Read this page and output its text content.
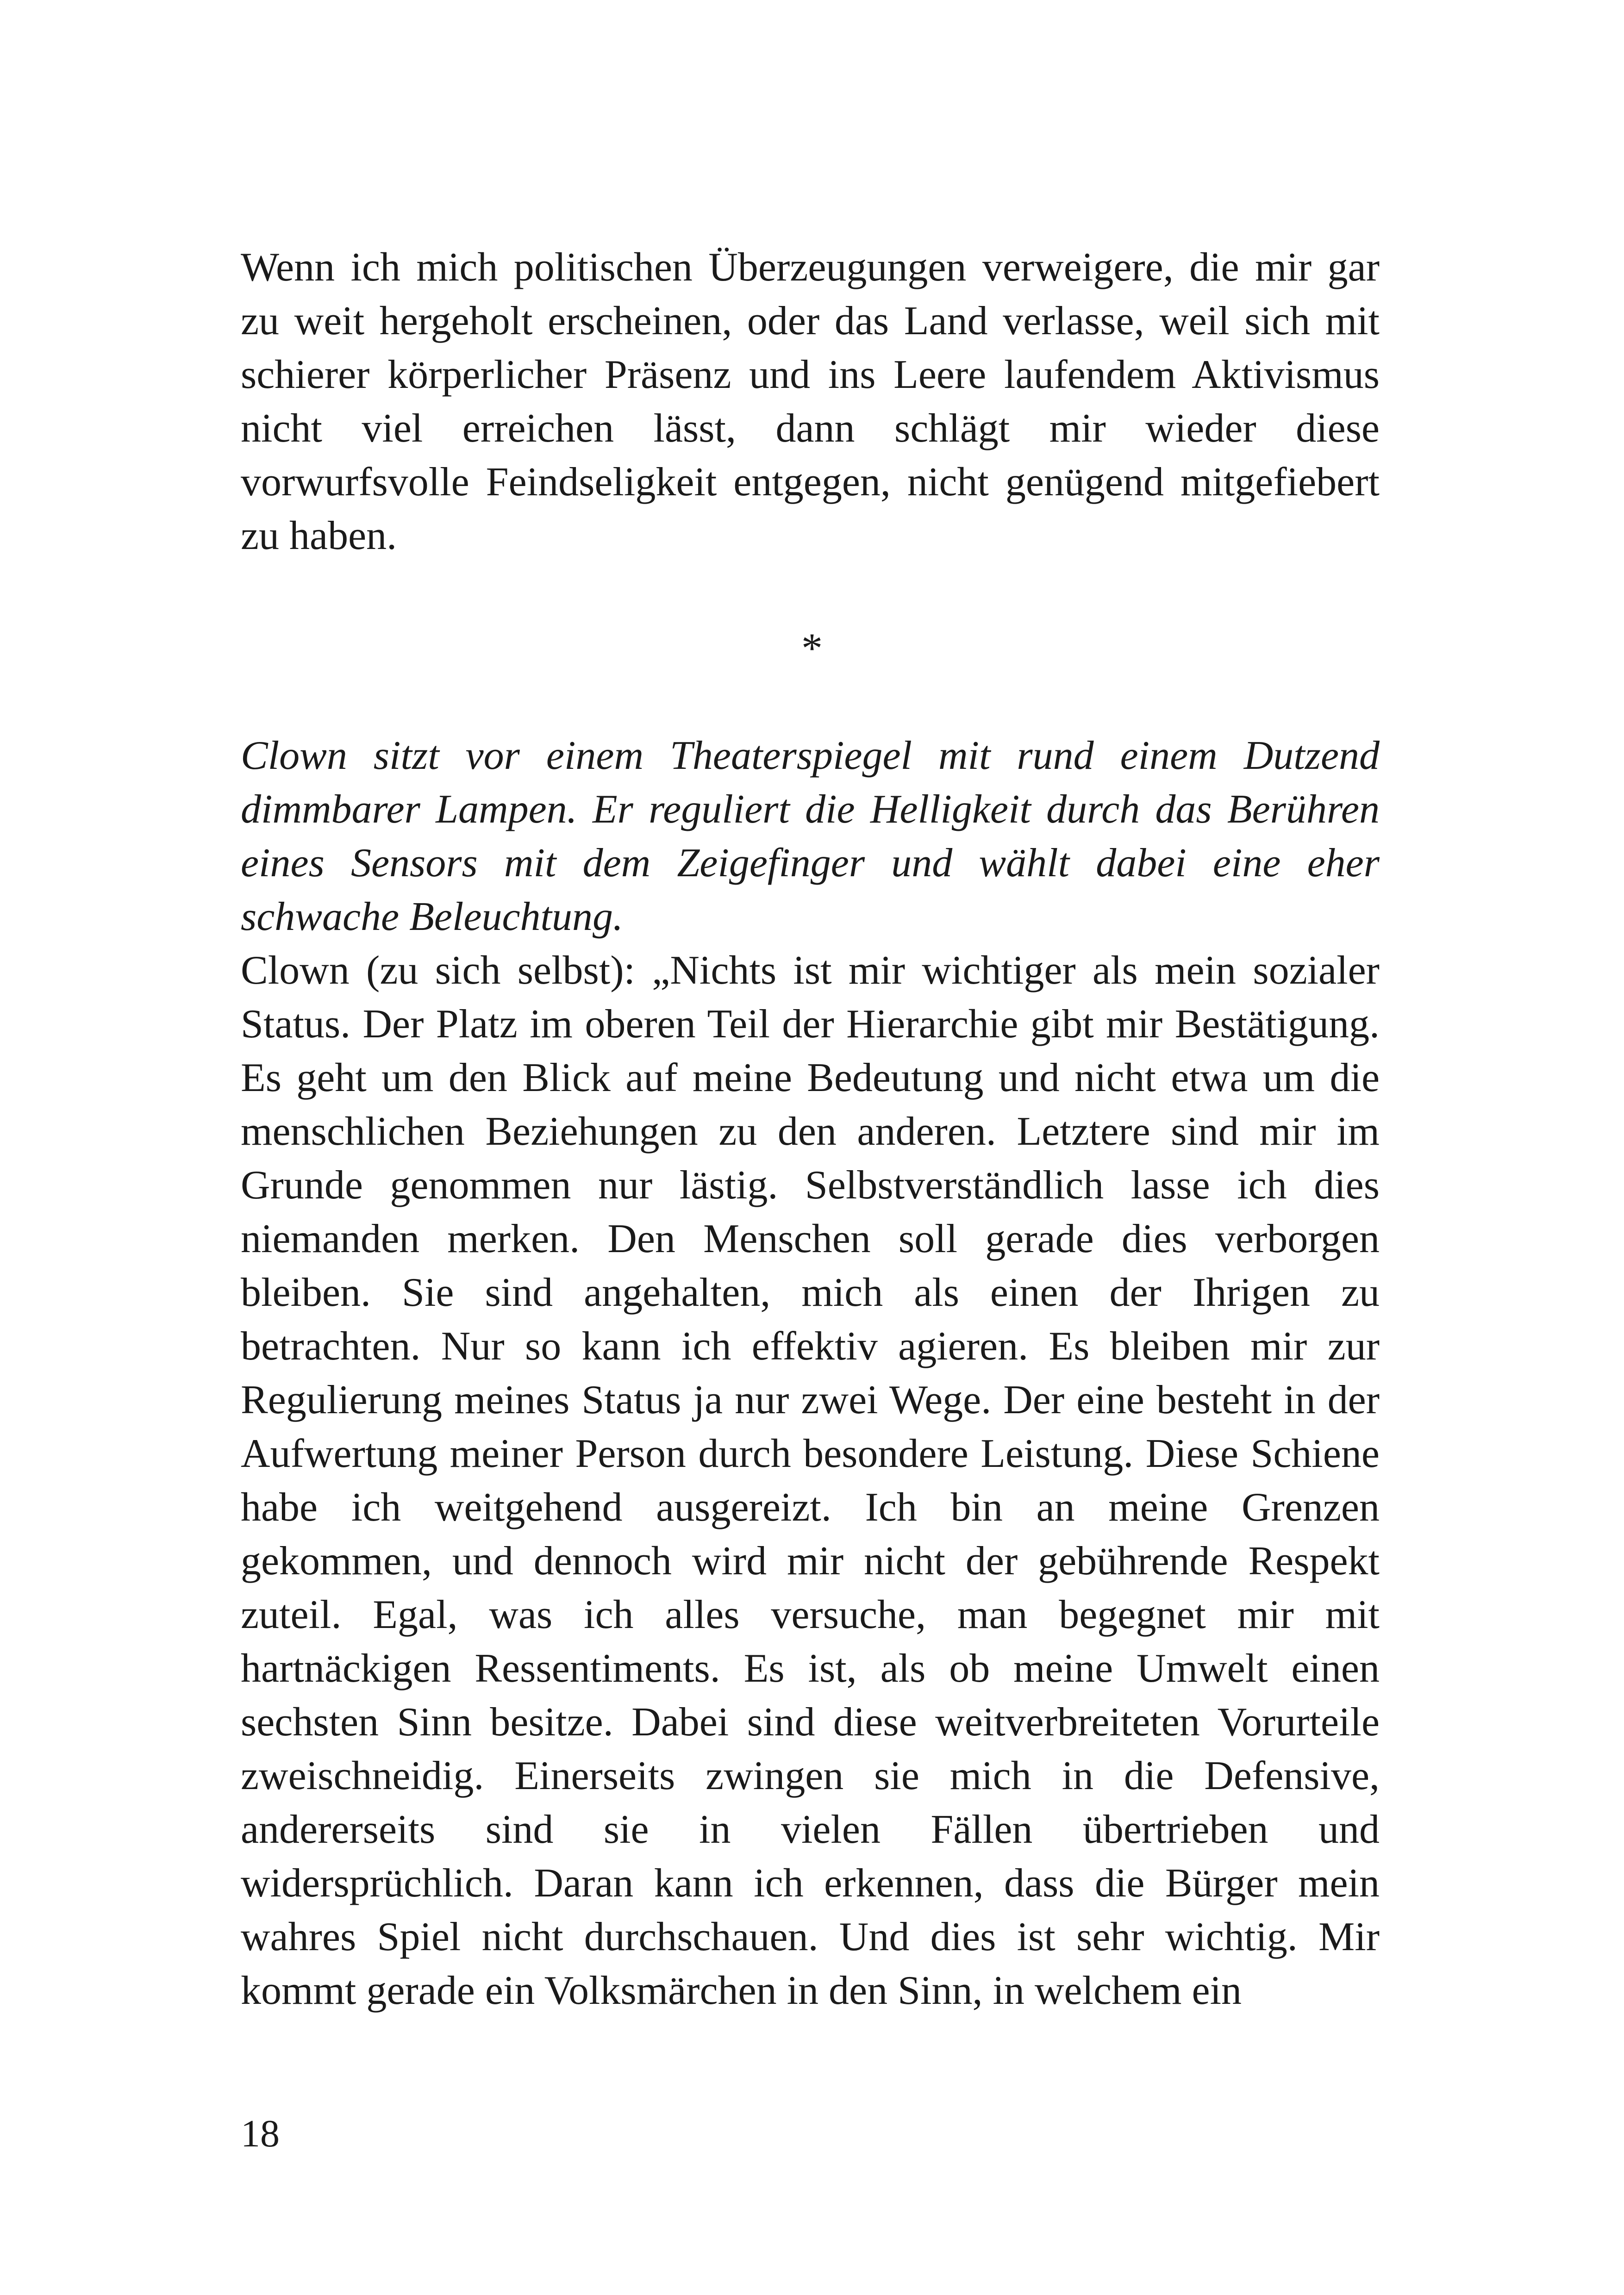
Wenn ich mich politischen Überzeugungen verweigere, die mir gar zu weit hergeholt erscheinen, oder das Land verlasse, weil sich mit schierer körperlicher Präsenz und ins Leere laufendem Aktivismus nicht viel erreichen lässt, dann schlägt mir wieder diese vorwurfsvolle Feindseligkeit entgegen, nicht genügend mitgefiebert zu haben.

*

Clown sitzt vor einem Theaterspiegel mit rund einem Dutzend dimmbarer Lampen. Er reguliert die Helligkeit durch das Berühren eines Sensors mit dem Zeigefinger und wählt dabei eine eher schwache Beleuchtung.

Clown (zu sich selbst): „Nichts ist mir wichtiger als mein sozialer Status. Der Platz im oberen Teil der Hierarchie gibt mir Bestätigung. Es geht um den Blick auf meine Bedeutung und nicht etwa um die menschlichen Beziehungen zu den anderen. Letztere sind mir im Grunde genommen nur lästig. Selbstverständlich lasse ich dies niemanden merken. Den Menschen soll gerade dies verborgen bleiben. Sie sind angehalten, mich als einen der Ihrigen zu betrachten. Nur so kann ich effektiv agieren. Es bleiben mir zur Regulierung meines Status ja nur zwei Wege. Der eine besteht in der Aufwertung meiner Person durch besondere Leistung. Diese Schiene habe ich weitgehend ausgereizt. Ich bin an meine Grenzen gekommen, und dennoch wird mir nicht der gebührende Respekt zuteil. Egal, was ich alles versuche, man begegnet mir mit hartnäckigen Ressentiments. Es ist, als ob meine Umwelt einen sechsten Sinn besitze. Dabei sind diese weitverbreiteten Vorurteile zweischneidig. Einerseits zwingen sie mich in die Defensive, andererseits sind sie in vielen Fällen übertrieben und widersprüchlich. Daran kann ich erkennen, dass die Bürger mein wahres Spiel nicht durchschauen. Und dies ist sehr wichtig. Mir kommt gerade ein Volksmärchen in den Sinn, in welchem ein

18
